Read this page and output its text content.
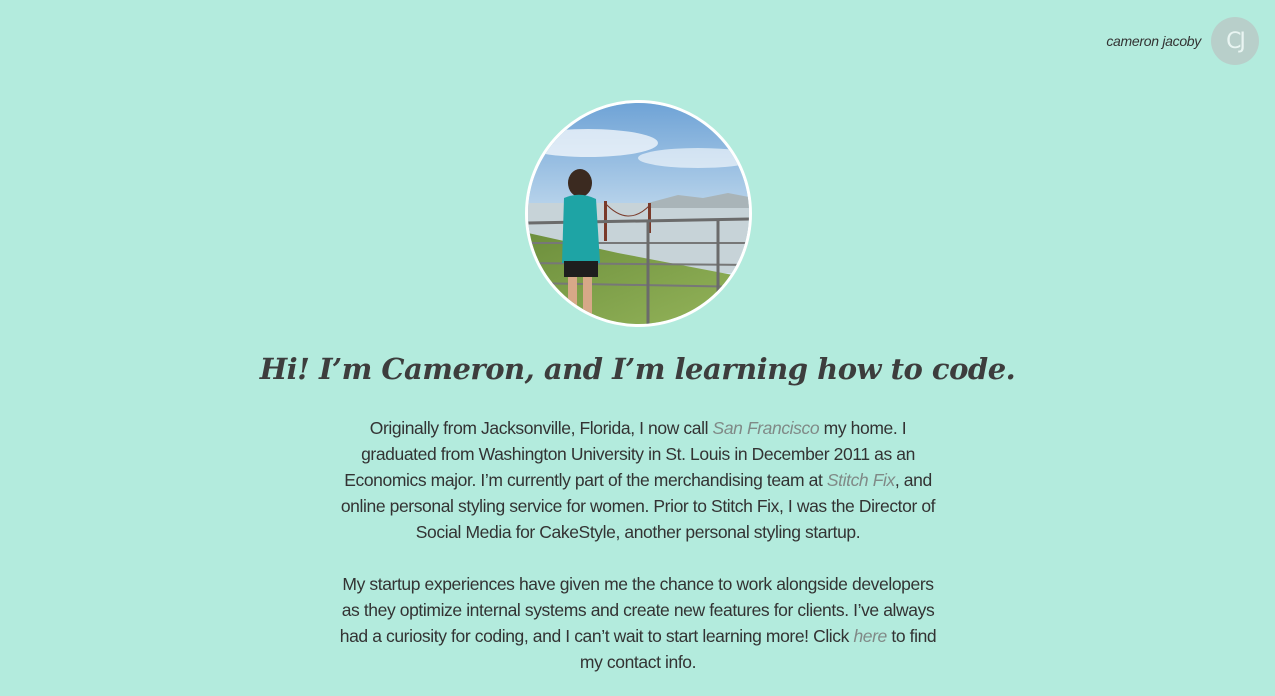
cameron jacoby	CJ
Hi! I’m Cameron, and I’m learning how to code.

Originally from Jacksonville, Florida, I now call San Francisco my home. I graduated from Washington University in St. Louis in December 2011 as an Economics major. I’m currently part of the merchandising team at Stitch Fix, and online personal styling service for women. Prior to Stitch Fix, I was the Director of Social Media for CakeStyle, another personal styling startup.

My startup experiences have given me the chance to work alongside developers as they optimize internal systems and create new features for clients. I’ve always had a curiosity for coding, and I can’t wait to start learning more! Click here to find my contact info.
